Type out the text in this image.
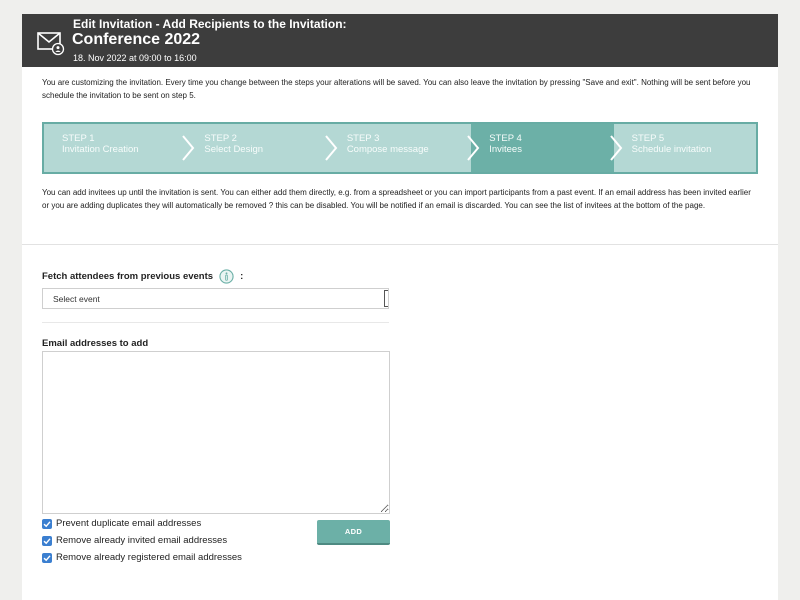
Edit Invitation - Add Recipients to the Invitation:
Conference 2022
18. Nov 2022 at 09:00 to 16:00
You are customizing the invitation. Every time you change between the steps your alterations will be saved. You can also leave the invitation by pressing "Save and exit". Nothing will be sent before you schedule the invitation to be sent on step 5.
STEP 1
Invitation Creation
STEP 2
Select Design
STEP 3
Compose message
STEP 4
Invitees
STEP 5
Schedule invitation
You can add invitees up until the invitation is sent. You can either add them directly, e.g. from a spreadsheet or you can import participants from a past event. If an email address has been invited earlier or you are adding duplicates they will automatically be removed ? this can be disabled. You will be notified if an email is discarded. You can see the list of invitees at the bottom of the page.
Fetch attendees from previous events	:
Select event
Email addresses to add
Prevent duplicate email addresses
Remove already invited email addresses
Remove already registered email addresses
ADD
